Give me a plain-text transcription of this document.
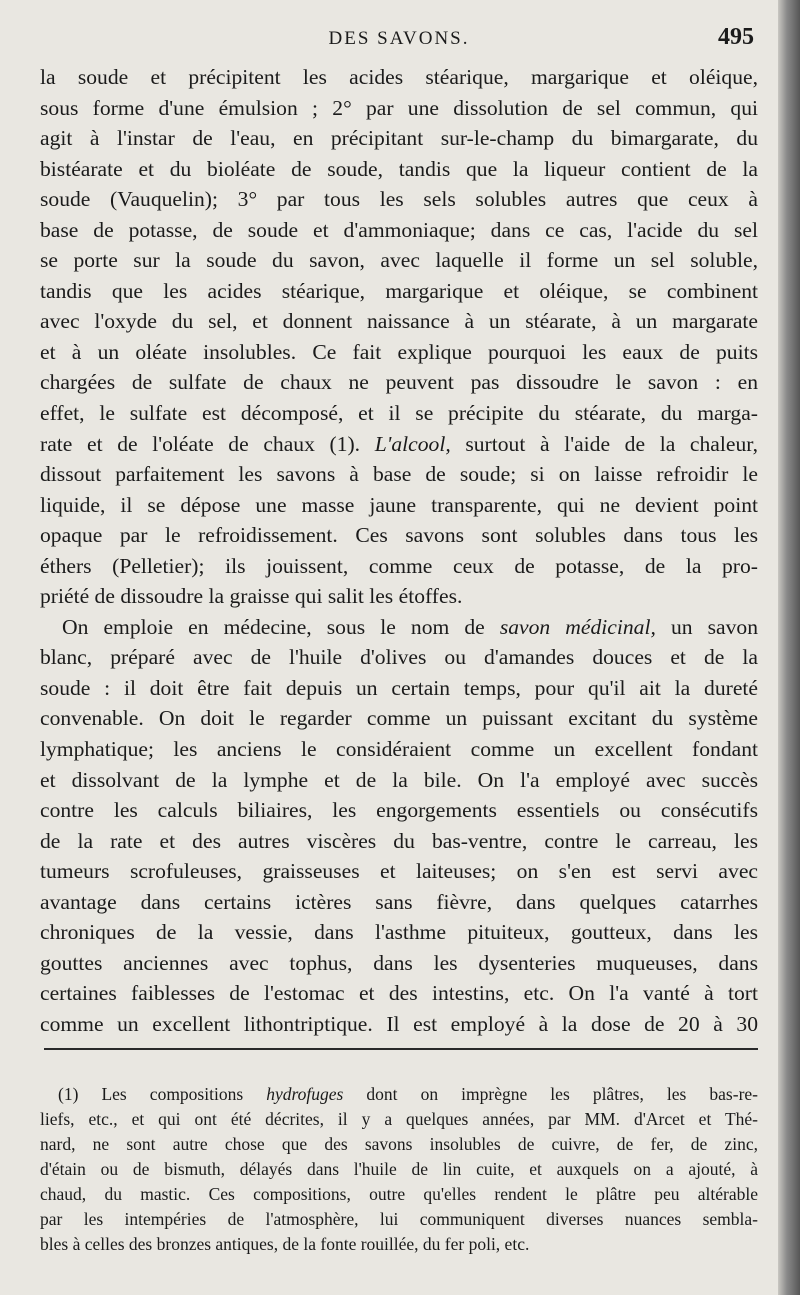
DES SAVONS.	495
la soude et précipitent les acides stéarique, margarique et oléique,
sous forme d'une émulsion ; 2° par une dissolution de sel commun, qui
agit à l'instar de l'eau, en précipitant sur-le-champ du bimargarate, du
bistéarate et du bioléate de soude, tandis que la liqueur contient de la
soude (Vauquelin); 3° par tous les sels solubles autres que ceux à
base de potasse, de soude et d'ammoniaque; dans ce cas, l'acide du sel
se porte sur la soude du savon, avec laquelle il forme un sel soluble,
tandis que les acides stéarique, margarique et oléique, se combinent
avec l'oxyde du sel, et donnent naissance à un stéarate, à un margarate
et à un oléate insolubles. Ce fait explique pourquoi les eaux de puits
chargées de sulfate de chaux ne peuvent pas dissoudre le savon : en
effet, le sulfate est décomposé, et il se précipite du stéarate, du marga-
rate et de l'oléate de chaux (1). L'alcool, surtout à l'aide de la chaleur,
dissout parfaitement les savons à base de soude; si on laisse refroidir le
liquide, il se dépose une masse jaune transparente, qui ne devient point
opaque par le refroidissement. Ces savons sont solubles dans tous les
éthers (Pelletier); ils jouissent, comme ceux de potasse, de la pro-
priété de dissoudre la graisse qui salit les étoffes.
On emploie en médecine, sous le nom de savon médicinal, un savon
blanc, préparé avec de l'huile d'olives ou d'amandes douces et de la
soude : il doit être fait depuis un certain temps, pour qu'il ait la dureté
convenable. On doit le regarder comme un puissant excitant du système
lymphatique; les anciens le considéraient comme un excellent fondant
et dissolvant de la lymphe et de la bile. On l'a employé avec succès
contre les calculs biliaires, les engorgements essentiels ou consécutifs
de la rate et des autres viscères du bas-ventre, contre le carreau, les
tumeurs scrofuleuses, graisseuses et laiteuses; on s'en est servi avec
avantage dans certains ictères sans fièvre, dans quelques catarrhes
chroniques de la vessie, dans l'asthme pituiteux, goutteux, dans les
gouttes anciennes avec tophus, dans les dysenteries muqueuses, dans
certaines faiblesses de l'estomac et des intestins, etc. On l'a vanté à tort
comme un excellent lithontriptique. Il est employé à la dose de 20 à 30
(1) Les compositions hydrofuges dont on imprègne les plâtres, les bas-re-
liefs, etc., et qui ont été décrites, il y a quelques années, par MM. d'Arcet et Thé-
nard, ne sont autre chose que des savons insolubles de cuivre, de fer, de zinc,
d'étain ou de bismuth, délayés dans l'huile de lin cuite, et auxquels on a ajouté, à
chaud, du mastic. Ces compositions, outre qu'elles rendent le plâtre peu altérable
par les intempéries de l'atmosphère, lui communiquent diverses nuances sembla-
bles à celles des bronzes antiques, de la fonte rouillée, du fer poli, etc.
